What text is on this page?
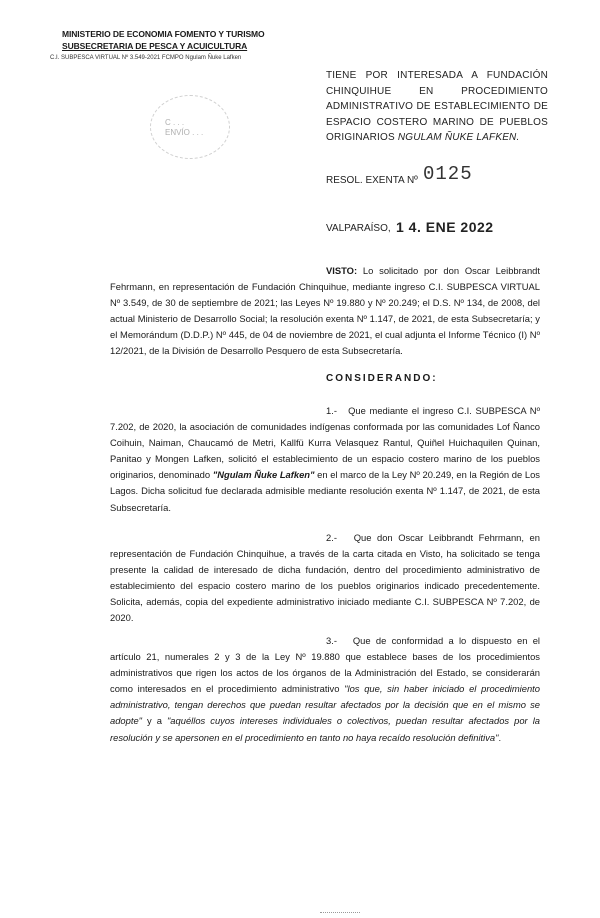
MINISTERIO DE ECONOMIA FOMENTO Y TURISMO
SUBSECRETARIA DE PESCA Y ACUICULTURA
C.I. SUBPESCA VIRTUAL Nº 3.549-2021 FCMPO Ngulam Ñuke Lafken
C . . .
ENVÍO . . .
TIENE POR INTERESADA A FUNDACIÓN CHINQUIHUE EN PROCEDIMIENTO ADMINISTRATIVO DE ESTABLECIMIENTO DE ESPACIO COSTERO MARINO DE PUEBLOS ORIGINARIOS NGULAM ÑUKE LAFKEN.
RESOL. EXENTA Nº 0125
VALPARAÍSO, 1 4. ENE 2022
VISTO: Lo solicitado por don Oscar Leibbrandt Fehrmann, en representación de Fundación Chinquihue, mediante ingreso C.I. SUBPESCA VIRTUAL Nº 3.549, de 30 de septiembre de 2021; las Leyes Nº 19.880 y Nº 20.249; el D.S. Nº 134, de 2008, del actual Ministerio de Desarrollo Social; la resolución exenta Nº 1.147, de 2021, de esta Subsecretaría; y el Memorándum (D.D.P.) Nº 445, de 04 de noviembre de 2021, el cual adjunta el Informe Técnico (I) Nº 12/2021, de la División de Desarrollo Pesquero de esta Subsecretaría.
CONSIDERANDO:
1.- Que mediante el ingreso C.I. SUBPESCA Nº 7.202, de 2020, la asociación de comunidades indígenas conformada por las comunidades Lof Ñanco Coihuin, Naiman, Chaucamó de Metri, Kallfü Kurra Velasquez Rantul, Quiñel Huichaquilen Quinan, Panitao y Mongen Lafken, solicitó el establecimiento de un espacio costero marino de los pueblos originarios, denominado "Ngulam Ñuke Lafken" en el marco de la Ley Nº 20.249, en la Región de Los Lagos. Dicha solicitud fue declarada admisible mediante resolución exenta Nº 1.147, de 2021, de esta Subsecretaría.
2.- Que don Oscar Leibbrandt Fehrmann, en representación de Fundación Chinquihue, a través de la carta citada en Visto, ha solicitado se tenga presente la calidad de interesado de dicha fundación, dentro del procedimiento administrativo de establecimiento del espacio costero marino de los pueblos originarios indicado precedentemente. Solicita, además, copia del expediente administrativo iniciado mediante C.I. SUBPESCA Nº 7.202, de 2020.
3.- Que de conformidad a lo dispuesto en el artículo 21, numerales 2 y 3 de la Ley Nº 19.880 que establece bases de los procedimientos administrativos que rigen los actos de los órganos de la Administración del Estado, se considerarán como interesados en el procedimiento administrativo "los que, sin haber iniciado el procedimiento administrativo, tengan derechos que puedan resultar afectados por la decisión que en el mismo se adopte" y a "aquéllos cuyos intereses individuales o colectivos, puedan resultar afectados por la resolución y se apersonen en el procedimiento en tanto no haya recaído resolución definitiva".
